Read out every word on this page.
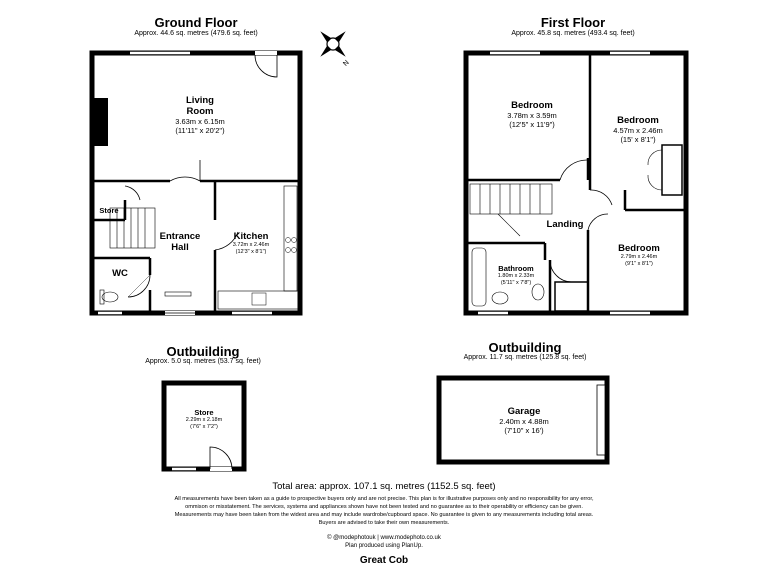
Ground Floor
Approx. 44.6 sq. metres (479.6 sq. feet)
First Floor
Approx. 45.8 sq. metres (493.4 sq. feet)
Outbuilding
Approx. 5.0 sq. metres (53.7 sq. feet)
Outbuilding
Approx. 11.7 sq. metres (125.8 sq. feet)
N
Living
Room
3.63m x 6.15m
(11'11" x 20'2")
Store
Entrance
Hall
Kitchen
3.72m x 2.46m
(12'3" x 8'1")
WC
Bedroom
3.78m x 3.59m
(12'5" x 11'9")	Bedroom
4.57m x 2.46m
(15' x 8'1")
Landing
Bedroom
2.79m x 2.46m
(9'1" x 8'1")
Bathroom
1.80m x 2.33m
(5'11" x 7'8")
Store
2.29m x 2.18m
(7'6" x 7'2")
Garage
2.40m x 4.88m
(7'10" x 16')
Total area: approx. 107.1 sq. metres (1152.5 sq. feet)
All measurements have been taken as a guide to prospective buyers only and are not precise. This plan is for illustrative purposes only and no responsibility for any error,
ommison or misstatement. The services, systems and appliances shown have not been tested and no guarantee as to their operability or efficiency can be given.
Measurements may have been taken from the widest area and may include wardrobe/cupboard space. No guarantee is given to any measurements including total areas.
Buyers are advised to take their own measurements.
© @modephotouk | www.modephoto.co.uk
Plan produced using PlanUp.
Great Cob
